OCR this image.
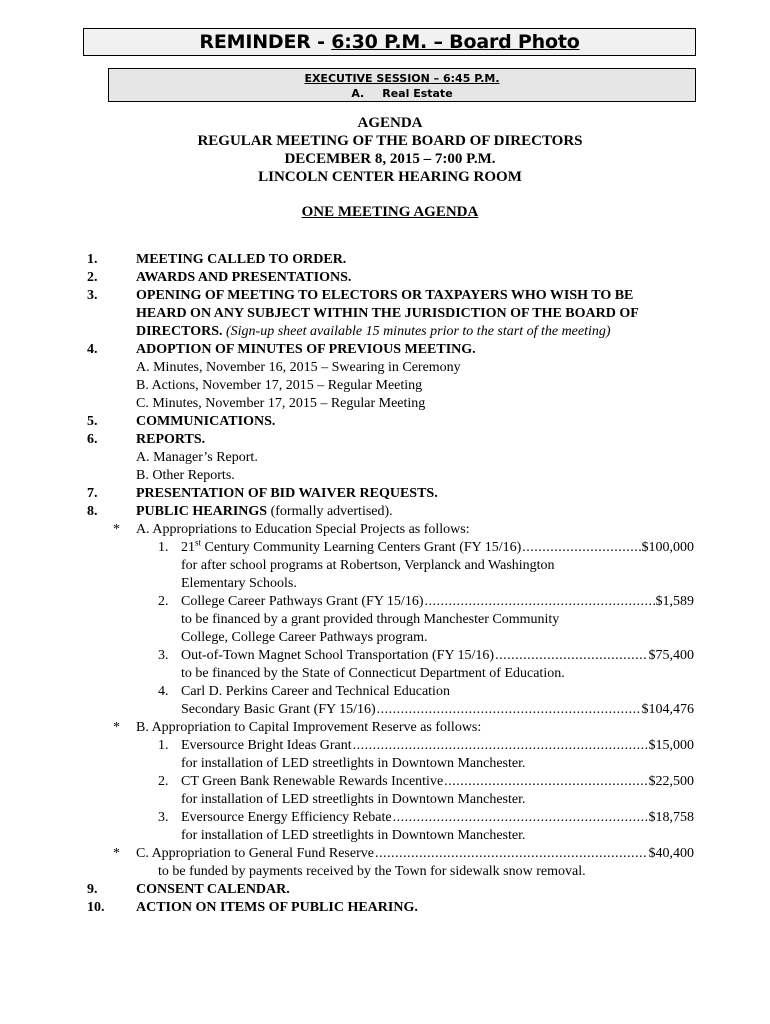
REMINDER - 6:30 P.M. – Board Photo
EXECUTIVE SESSION – 6:45 P.M.
A. Real Estate
AGENDA
REGULAR MEETING OF THE BOARD OF DIRECTORS
DECEMBER 8, 2015 – 7:00 P.M.
LINCOLN CENTER HEARING ROOM
ONE MEETING AGENDA
1.	MEETING CALLED TO ORDER.
2.	AWARDS AND PRESENTATIONS.
3.	OPENING OF MEETING TO ELECTORS OR TAXPAYERS WHO WISH TO BE
HEARD ON ANY SUBJECT WITHIN THE JURISDICTION OF THE BOARD OF
DIRECTORS. (Sign-up sheet available 15 minutes prior to the start of the meeting)
4.	ADOPTION OF MINUTES OF PREVIOUS MEETING.
A. Minutes, November 16, 2015 – Swearing in Ceremony
B. Actions, November 17, 2015 – Regular Meeting
C. Minutes, November 17, 2015 – Regular Meeting
5.	COMMUNICATIONS.
6.	REPORTS.
A. Manager’s Report.
B. Other Reports.
7.	PRESENTATION OF BID WAIVER REQUESTS.
8.	PUBLIC HEARINGS (formally advertised).
* A. Appropriations to Education Special Projects as follows:
1. 21st Century Community Learning Centers Grant (FY 15/16) .....	$100,000
for after school programs at Robertson, Verplanck and Washington
Elementary Schools.
2. College Career Pathways Grant (FY 15/16) .....	$1,589
to be financed by a grant provided through Manchester Community
College, College Career Pathways program.
3. Out-of-Town Magnet School Transportation (FY 15/16) .....	$75,400
to be financed by the State of Connecticut Department of Education.
4. Carl D. Perkins Career and Technical Education
Secondary Basic Grant (FY 15/16) .....	$104,476
* B. Appropriation to Capital Improvement Reserve as follows:
1. Eversource Bright Ideas Grant .....	$15,000
for installation of LED streetlights in Downtown Manchester.
2. CT Green Bank Renewable Rewards Incentive .....	$22,500
for installation of LED streetlights in Downtown Manchester.
3. Eversource Energy Efficiency Rebate .....	$18,758
for installation of LED streetlights in Downtown Manchester.
* C. Appropriation to General Fund Reserve .....	$40,400
to be funded by payments received by the Town for sidewalk snow removal.
9.	CONSENT CALENDAR.
10. ACTION ON ITEMS OF PUBLIC HEARING.
